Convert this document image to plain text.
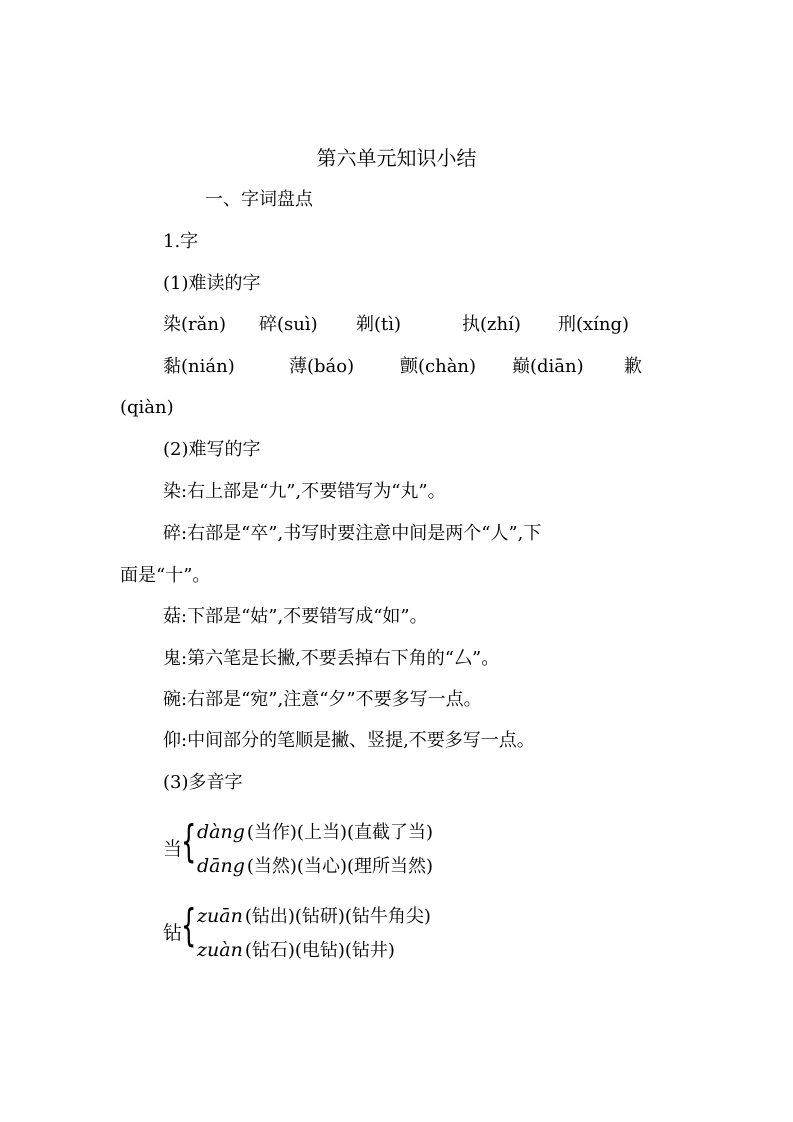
第六单元知识小结
一、字词盘点
1.字
(1)难读的字
染(rǎn) 碎(suì) 剃(tì)	执(zhí) 刑(xíng)
黏(nián)	薄(báo)	颤(chàn) 巅(diān) 歉
(qiàn)
(2)难写的字
染:右上部是“九”,不要错写为“丸”。
碎:右部是“卒”,书写时要注意中间是两个“人”,下
面是“十”。
菇:下部是“姑”,不要错写成“如”。
鬼:第六笔是长撇,不要丢掉右下角的“厶”。
碗:右部是“宛”,注意“夕”不要多写一点。
仰:中间部分的笔顺是撇、竖提,不要多写一点。
(3)多音字
当
{ dàng (当作)(上当)(直截了当)
dāng (当然)(当心)(理所当然)
钻
{ zuān (钻出)(钻研)(钻牛角尖)
zuàn (钻石)(电钻)(钻井)
